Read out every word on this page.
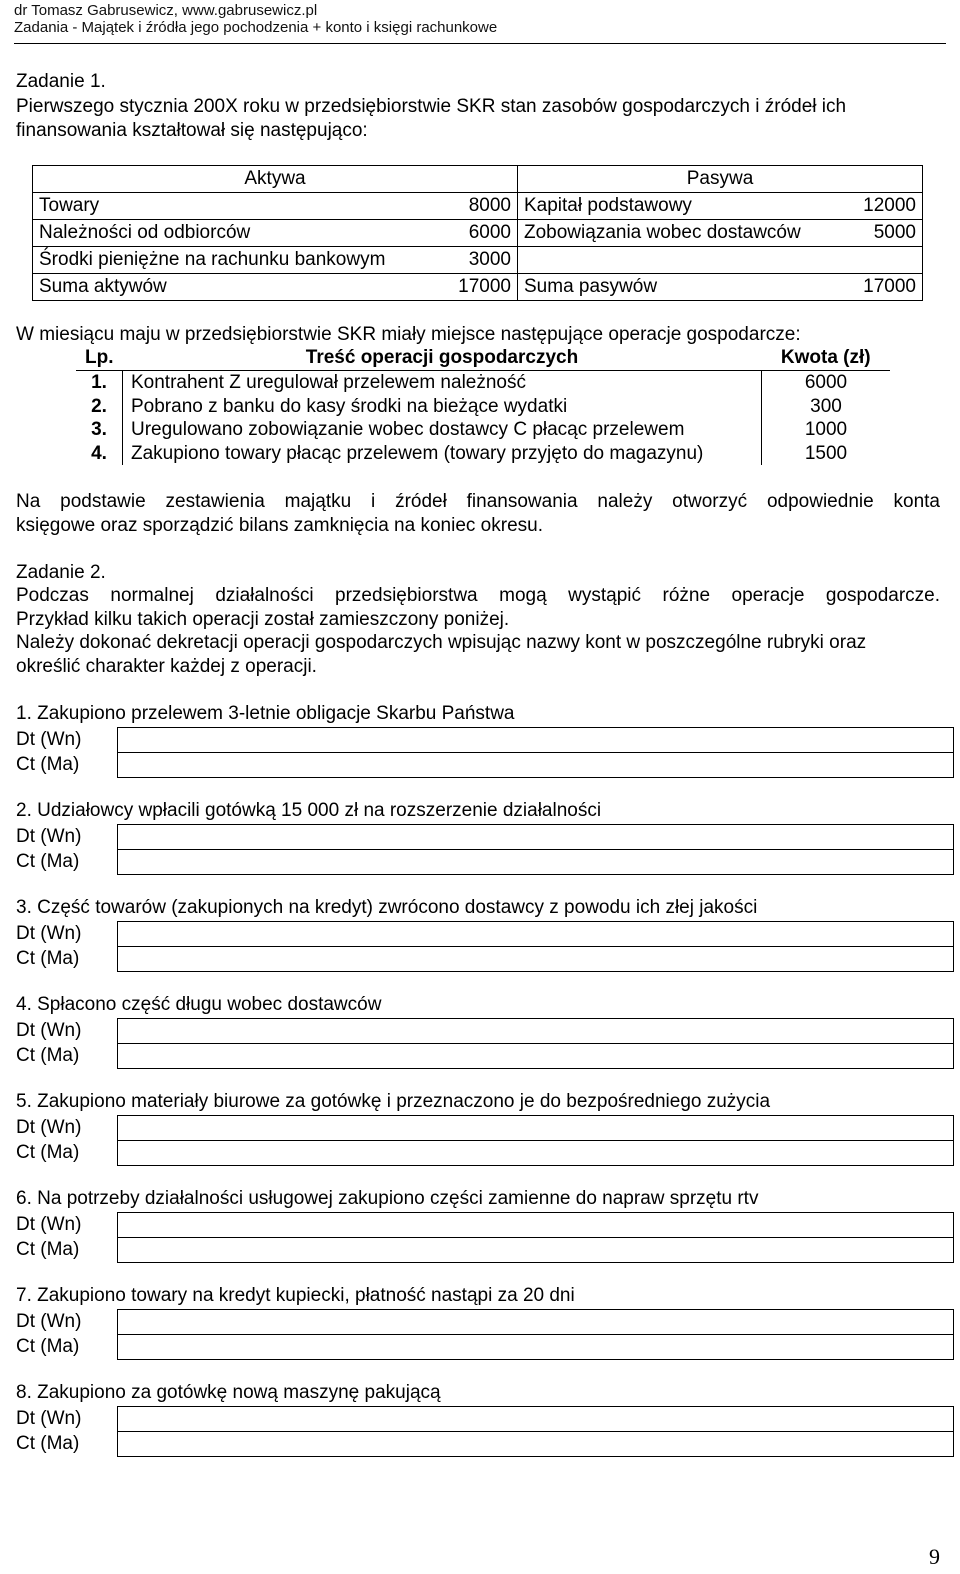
dr Tomasz Gabrusewicz, www.gabrusewicz.pl
Zadania - Majątek i źródła jego pochodzenia + konto i księgi rachunkowe
Zadanie 1.
Pierwszego stycznia 200X roku w przedsiębiorstwie SKR stan zasobów gospodarczych i źródeł ich
finansowania kształtował się następująco:
Aktywa		Pasywa	
Towary	8000	Kapitał podstawowy	12000
Należności od odbiorców	6000	Zobowiązania wobec dostawców	5000
Środki pieniężne na rachunku bankowym	3000		
Suma aktywów	17000	Suma pasywów	17000
W miesiącu maju w przedsiębiorstwie SKR miały miejsce następujące operacje gospodarcze:
Lp.	Treść operacji gospodarczych	Kwota (zł)
1.	Kontrahent Z uregulował przelewem należność	6000
2.	Pobrano z banku do kasy środki na bieżące wydatki	300
3.	Uregulowano zobowiązanie wobec dostawcy C płacąc przelewem	1000
4.	Zakupiono towary płacąc przelewem (towary przyjęto do magazynu)	1500
Na podstawie zestawienia majątku i źródeł finansowania należy otworzyć odpowiednie konta
księgowe oraz sporządzić bilans zamknięcia na koniec okresu.
Zadanie 2.
Podczas normalnej działalności przedsiębiorstwa mogą wystąpić różne operacje gospodarcze.
Przykład kilku takich operacji został zamieszczony poniżej.
Należy dokonać dekretacji operacji gospodarczych wpisując nazwy kont w poszczególne rubryki oraz
określić charakter każdej z operacji.
1. Zakupiono przelewem 3-letnie obligacje Skarbu Państwa
Dt (Wn)	
Ct (Ma)	
2. Udziałowcy wpłacili gotówką 15 000 zł na rozszerzenie działalności
Dt (Wn)	
Ct (Ma)	
3. Część towarów (zakupionych na kredyt) zwrócono dostawcy z powodu ich złej jakości
Dt (Wn)	
Ct (Ma)	
4. Spłacono część długu wobec dostawców
Dt (Wn)	
Ct (Ma)	
5. Zakupiono materiały biurowe za gotówkę i przeznaczono je do bezpośredniego zużycia
Dt (Wn)	
Ct (Ma)	
6. Na potrzeby działalności usługowej zakupiono części zamienne do napraw sprzętu rtv
Dt (Wn)	
Ct (Ma)	
7. Zakupiono towary na kredyt kupiecki, płatność nastąpi za 20 dni
Dt (Wn)	
Ct (Ma)	
8. Zakupiono za gotówkę nową maszynę pakującą
Dt (Wn)	
Ct (Ma)	
9
